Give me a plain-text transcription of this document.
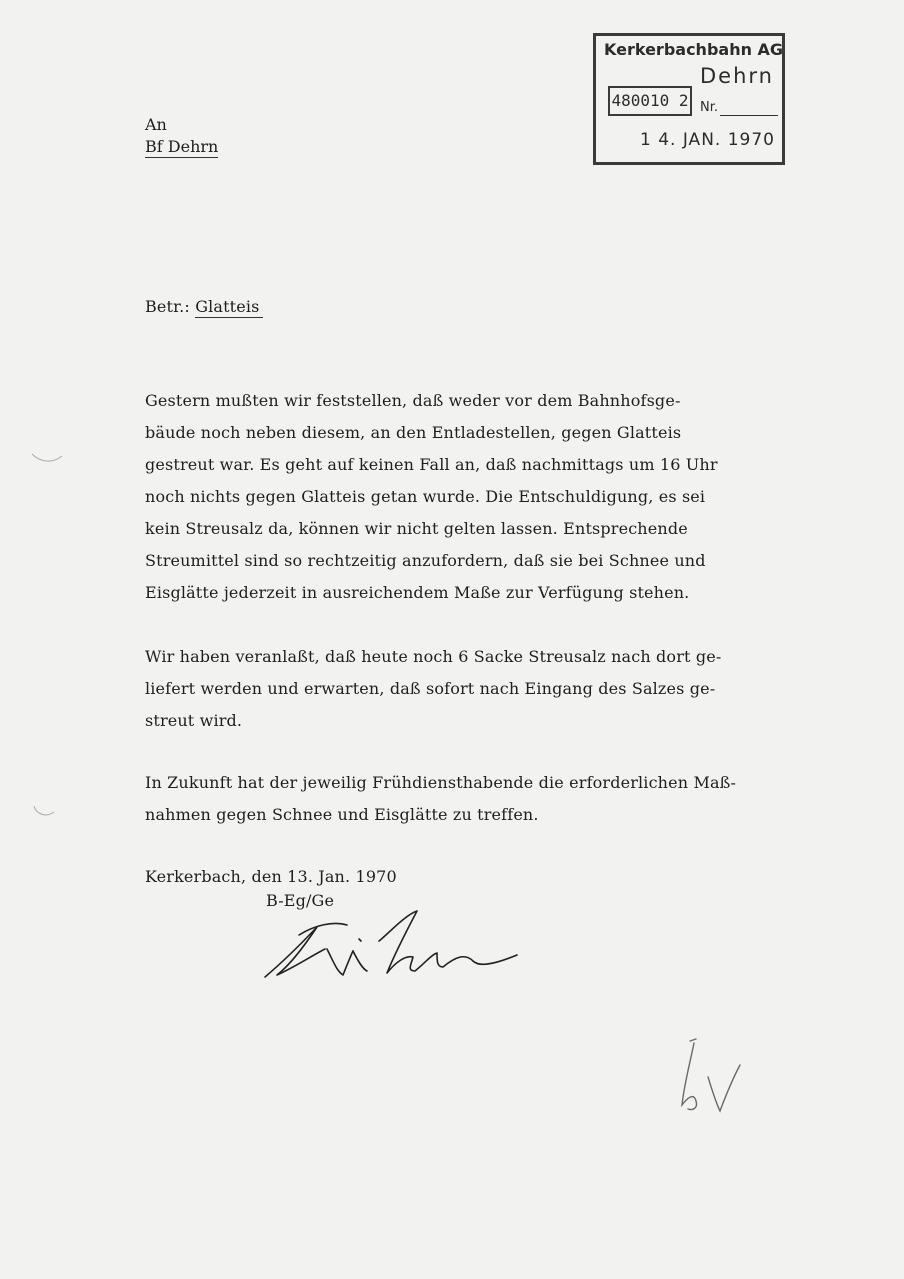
Kerkerbachbahn AG
Dehrn
480010 2 Nr.
1 4. JAN. 1970
An
Bf Dehrn
Betr.: Glatteis
Gestern mußten wir feststellen, daß weder vor dem Bahnhofsge-
bäude noch neben diesem, an den Entladestellen, gegen Glatteis
gestreut war. Es geht auf keinen Fall an, daß nachmittags um 16 Uhr
noch nichts gegen Glatteis getan wurde. Die Entschuldigung, es sei
kein Streusalz da, können wir nicht gelten lassen. Entsprechende
Streumittel sind so rechtzeitig anzufordern, daß sie bei Schnee und
Eisglätte jederzeit in ausreichendem Maße zur Verfügung stehen.
Wir haben veranlaßt, daß heute noch 6 Sacke Streusalz nach dort ge-
liefert werden und erwarten, daß sofort nach Eingang des Salzes ge-
streut wird.
In Zukunft hat der jeweilig Frühdiensthabende die erforderlichen Maß-
nahmen gegen Schnee und Eisglätte zu treffen.
Kerkerbach, den 13. Jan. 1970
B-Eg/Ge
